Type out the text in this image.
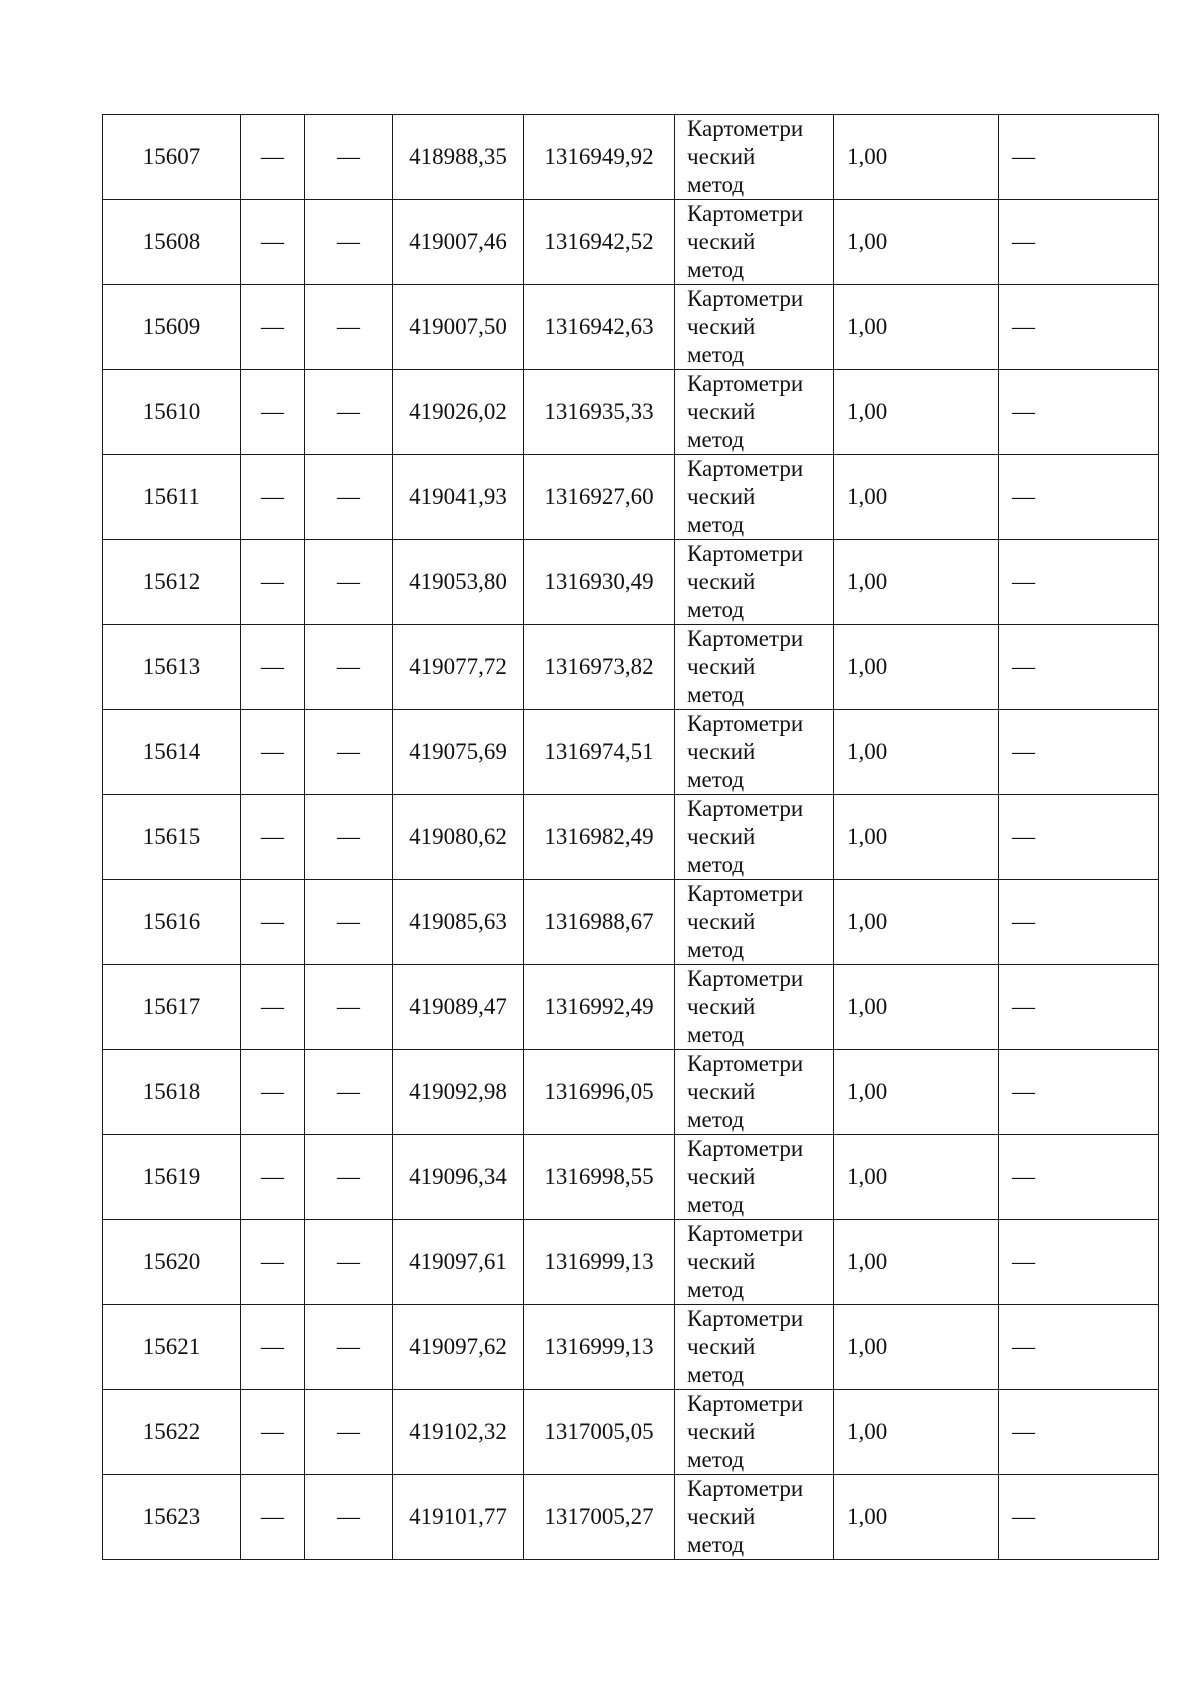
15607	—	—	418988,35	1316949,92	Картометри
ческий
метод	1,00	—
15608	—	—	419007,46	1316942,52	Картометри
ческий
метод	1,00	—
15609	—	—	419007,50	1316942,63	Картометри
ческий
метод	1,00	—
15610	—	—	419026,02	1316935,33	Картометри
ческий
метод	1,00	—
15611	—	—	419041,93	1316927,60	Картометри
ческий
метод	1,00	—
15612	—	—	419053,80	1316930,49	Картометри
ческий
метод	1,00	—
15613	—	—	419077,72	1316973,82	Картометри
ческий
метод	1,00	—
15614	—	—	419075,69	1316974,51	Картометри
ческий
метод	1,00	—
15615	—	—	419080,62	1316982,49	Картометри
ческий
метод	1,00	—
15616	—	—	419085,63	1316988,67	Картометри
ческий
метод	1,00	—
15617	—	—	419089,47	1316992,49	Картометри
ческий
метод	1,00	—
15618	—	—	419092,98	1316996,05	Картометри
ческий
метод	1,00	—
15619	—	—	419096,34	1316998,55	Картометри
ческий
метод	1,00	—
15620	—	—	419097,61	1316999,13	Картометри
ческий
метод	1,00	—
15621	—	—	419097,62	1316999,13	Картометри
ческий
метод	1,00	—
15622	—	—	419102,32	1317005,05	Картометри
ческий
метод	1,00	—
15623	—	—	419101,77	1317005,27	Картометри
ческий
метод	1,00	—
